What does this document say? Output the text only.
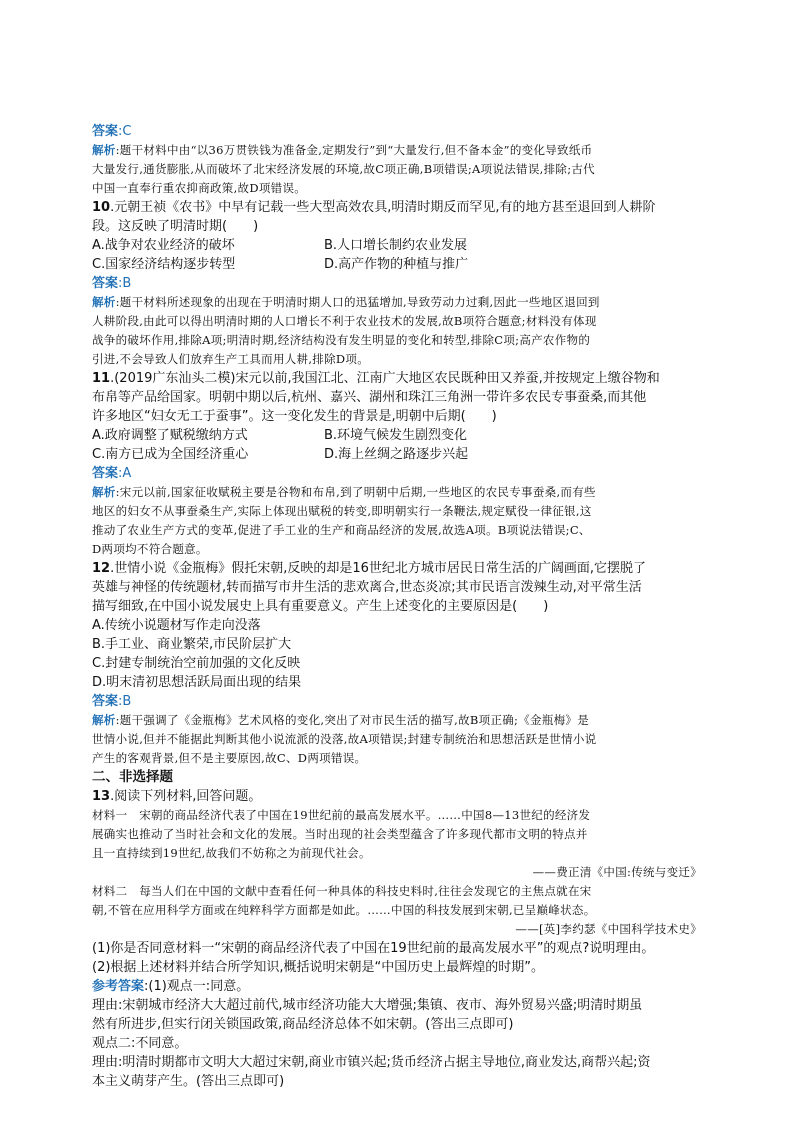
答案:C
解析:题干材料中由“以36万贯铁钱为准备金,定期发行”到“大量发行,但不备本金”的变化导致纸币
大量发行,通货膨胀,从而破坏了北宋经济发展的环境,故C项正确,B项错误;A项说法错误,排除;古代
中国一直奉行重农抑商政策,故D项错误。
10.元朝王祯《农书》中早有记载一些大型高效农具,明清时期反而罕见,有的地方甚至退回到人耕阶
段。这反映了明清时期(　　)
A.战争对农业经济的破坏	B.人口增长制约农业发展
C.国家经济结构逐步转型	D.高产作物的种植与推广
答案:B
解析:题干材料所述现象的出现在于明清时期人口的迅猛增加,导致劳动力过剩,因此一些地区退回到
人耕阶段,由此可以得出明清时期的人口增长不利于农业技术的发展,故B项符合题意;材料没有体现
战争的破坏作用,排除A项;明清时期,经济结构没有发生明显的变化和转型,排除C项;高产农作物的
引进,不会导致人们放弃生产工具而用人耕,排除D项。
11.(2019广东汕头二模)宋元以前,我国江北、江南广大地区农民既种田又养蚕,并按规定上缴谷物和
布帛等产品给国家。明朝中期以后,杭州、嘉兴、湖州和珠江三角洲一带许多农民专事蚕桑,而其他
许多地区“妇女无工于蚕事”。这一变化发生的背景是,明朝中后期(　　)
A.政府调整了赋税缴纳方式	B.环境气候发生剧烈变化
C.南方已成为全国经济重心	D.海上丝绸之路逐步兴起
答案:A
解析:宋元以前,国家征收赋税主要是谷物和布帛,到了明朝中后期,一些地区的农民专事蚕桑,而有些
地区的妇女不从事蚕桑生产,实际上体现出赋税的转变,即明朝实行一条鞭法,规定赋役一律征银,这
推动了农业生产方式的变革,促进了手工业的生产和商品经济的发展,故选A项。B项说法错误;C、
D两项均不符合题意。
12.世情小说《金瓶梅》假托宋朝,反映的却是16世纪北方城市居民日常生活的广阔画面,它摆脱了
英雄与神怪的传统题材,转而描写市井生活的悲欢离合,世态炎凉;其市民语言泼辣生动,对平常生活
描写细致,在中国小说发展史上具有重要意义。产生上述变化的主要原因是(　　)
A.传统小说题材写作走向没落
B.手工业、商业繁荣,市民阶层扩大
C.封建专制统治空前加强的文化反映
D.明末清初思想活跃局面出现的结果
答案:B
解析:题干强调了《金瓶梅》艺术风格的变化,突出了对市民生活的描写,故B项正确;《金瓶梅》是
世情小说,但并不能据此判断其他小说流派的没落,故A项错误;封建专制统治和思想活跃是世情小说
产生的客观背景,但不是主要原因,故C、D两项错误。
二、非选择题
13.阅读下列材料,回答问题。
材料一　宋朝的商品经济代表了中国在19世纪前的最高发展水平。……中国8—13世纪的经济发
展确实也推动了当时社会和文化的发展。当时出现的社会类型蕴含了许多现代都市文明的特点并
且一直持续到19世纪,故我们不妨称之为前现代社会。
——费正清《中国:传统与变迁》
材料二　每当人们在中国的文献中查看任何一种具体的科技史料时,往往会发现它的主焦点就在宋
朝,不管在应用科学方面或在纯粹科学方面都是如此。……中国的科技发展到宋朝,已呈巅峰状态。
——[英]李约瑟《中国科学技术史》
(1)你是否同意材料一“宋朝的商品经济代表了中国在19世纪前的最高发展水平”的观点?说明理由。
(2)根据上述材料并结合所学知识,概括说明宋朝是“中国历史上最辉煌的时期”。
参考答案:(1)观点一:同意。
理由:宋朝城市经济大大超过前代,城市经济功能大大增强;集镇、夜市、海外贸易兴盛;明清时期虽
然有所进步,但实行闭关锁国政策,商品经济总体不如宋朝。(答出三点即可)
观点二:不同意。
理由:明清时期都市文明大大超过宋朝,商业市镇兴起;货币经济占据主导地位,商业发达,商帮兴起;资
本主义萌芽产生。(答出三点即可)
